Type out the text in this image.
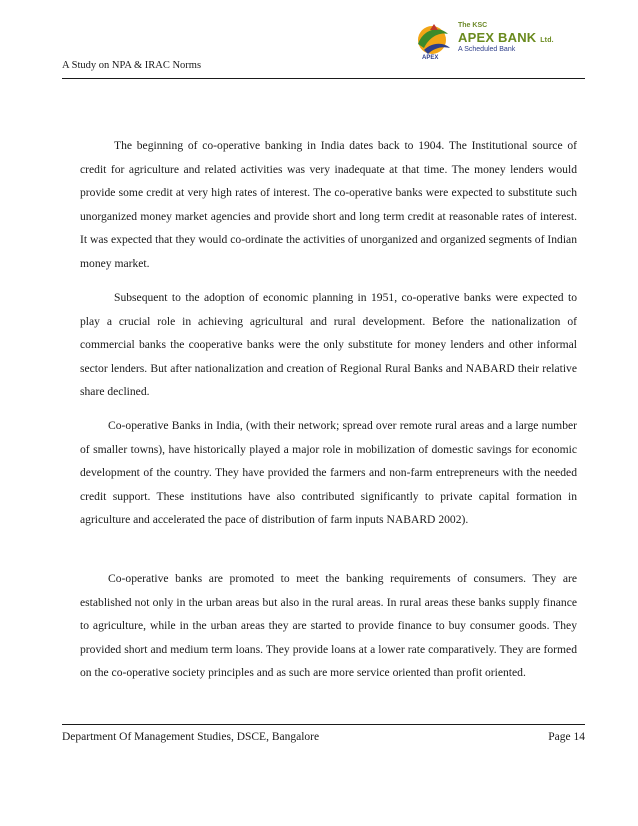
A Study on NPA & IRAC Norms
APEX
The KSC
APEX BANK Ltd.
A Scheduled Bank

The beginning of co-operative banking in India dates back to 1904. The Institutional source of credit for agriculture and related activities was very inadequate at that time. The money lenders would provide some credit at very high rates of interest. The co-operative banks were expected to substitute such unorganized money market agencies and provide short and long term credit at reasonable rates of interest. It was expected that they would co-ordinate the activities of unorganized and organized segments of Indian money market.

Subsequent to the adoption of economic planning in 1951, co-operative banks were expected to play a crucial role in achieving agricultural and rural development. Before the nationalization of commercial banks the cooperative banks were the only substitute for money lenders and other informal sector lenders. But after nationalization and creation of Regional Rural Banks and NABARD their relative share declined.

Co-operative Banks in India, (with their network; spread over remote rural areas and a large number of smaller towns), have historically played a major role in mobilization of domestic savings for economic development of the country. They have provided the farmers and non-farm entrepreneurs with the needed credit support. These institutions have also contributed significantly to private capital formation in agriculture and accelerated the pace of distribution of farm inputs NABARD 2002).

Co-operative banks are promoted to meet the banking requirements of consumers. They are established not only in the urban areas but also in the rural areas. In rural areas these banks supply finance to agriculture, while in the urban areas they are started to provide finance to buy consumer goods. They provided short and medium term loans. They provide loans at a lower rate comparatively. They are formed on the co-operative society principles and as such are more service oriented than profit oriented.

Department Of Management Studies, DSCE, Bangalore	Page 14
